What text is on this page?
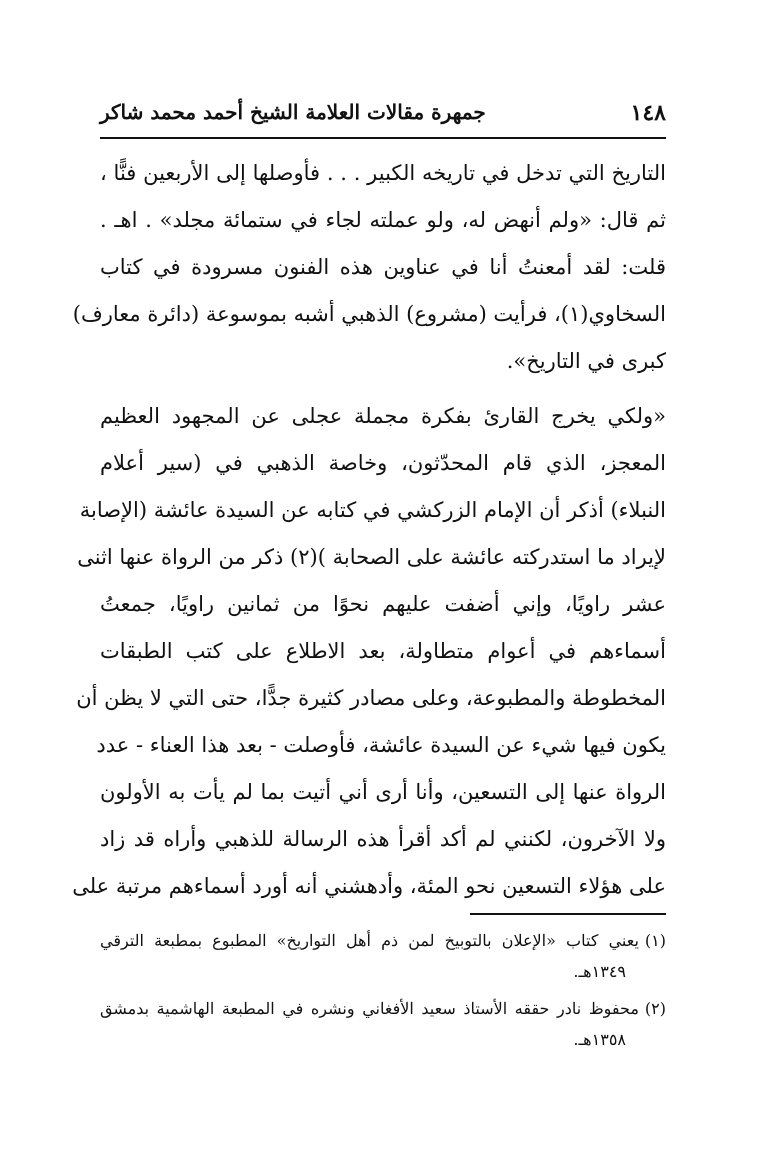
١٤٨
جمهرة مقالات العلامة الشيخ أحمد محمد شاكر
التاريخ التي تدخل في تاريخه الكبير . . . فأوصلها إلى الأربعين فنًّا ،
ثم قال: «ولم أنهض له، ولو عملته لجاء في ستمائة مجلد» . اهـ .
قلت: لقد أمعنتُ أنا في عناوين هذه الفنون مسرودة في كتاب
السخاوي(١)، فرأيت (مشروع) الذهبي أشبه بموسوعة (دائرة معارف)
كبرى في التاريخ».
«ولكي يخرج القارئ بفكرة مجملة عجلى عن المجهود العظيم
المعجز، الذي قام المحدّثون، وخاصة الذهبي في (سير أعلام
النبلاء) أذكر أن الإمام الزركشي في كتابه عن السيدة عائشة (الإصابة
لإيراد ما استدركته عائشة على الصحابة )(٢) ذكر من الرواة عنها اثنى
عشر راويًا، وإني أضفت عليهم نحوًا من ثمانين راويًا، جمعتُ
أسماءهم في أعوام متطاولة، بعد الاطلاع على كتب الطبقات
المخطوطة والمطبوعة، وعلى مصادر كثيرة جدًّا، حتى التي لا يظن أن
يكون فيها شيء عن السيدة عائشة، فأوصلت - بعد هذا العناء - عدد
الرواة عنها إلى التسعين، وأنا أرى أني أتيت بما لم يأت به الأولون
ولا الآخرون، لكنني لم أكد أقرأ هذه الرسالة للذهبي وأراه قد زاد
على هؤلاء التسعين نحو المئة، وأدهشني أنه أورد أسماءهم مرتبة على
(١)يعني كتاب «الإعلان بالتوبيخ لمن ذم أهل التواريخ» المطبوع بمطبعة الترقي
١٣٤٩هـ.
(٢)محفوظ نادر حققه الأستاذ سعيد الأفغاني ونشره في المطبعة الهاشمية بدمشق
١٣٥٨هـ.
